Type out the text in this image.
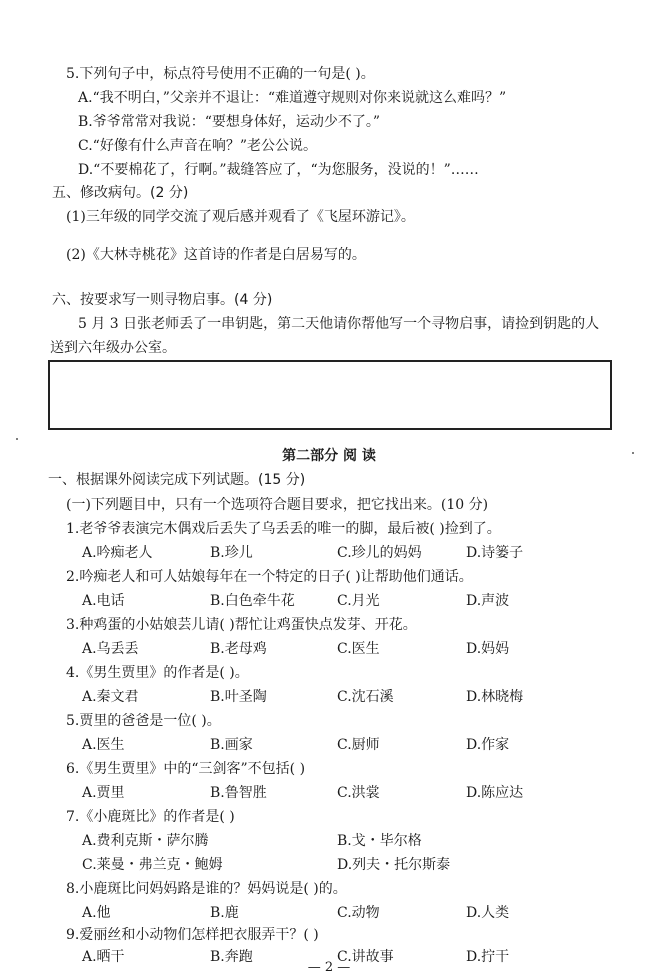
5.下列句子中，标点符号使用不正确的一句是( )。
A.“我不明白，”父亲并不退让：“难道遵守规则对你来说就这么难吗？”
B.爷爷常常对我说：“要想身体好，运动少不了。”
C.“好像有什么声音在响？”老公公说。
D.“不要棉花了，行啊。”裁缝答应了，“为您服务，没说的！”……
五、修改病句。(2 分)
(1)三年级的同学交流了观后感并观看了《飞屋环游记》。
(2)《大林寺桃花》这首诗的作者是白居易写的。
六、按要求写一则寻物启事。(4 分)
5 月 3 日张老师丢了一串钥匙，第二天他请你帮他写一个寻物启事，请捡到钥匙的人
送到六年级办公室。
第二部分 阅 读
一、根据课外阅读完成下列试题。(15 分)
(一)下列题目中，只有一个选项符合题目要求，把它找出来。(10 分)
1.老爷爷表演完木偶戏后丢失了乌丢丢的唯一的脚，最后被( )捡到了。
A.吟痴老人	B.珍儿	C.珍儿的妈妈	D.诗篓子
2.吟痴老人和可人姑娘每年在一个特定的日子( )让帮助他们通话。
A.电话	B.白色牵牛花	C.月光	D.声波
3.种鸡蛋的小姑娘芸儿请( )帮忙让鸡蛋快点发芽、开花。
A.乌丢丢	B.老母鸡	C.医生	D.妈妈
4.《男生贾里》的作者是( )。
A.秦文君	B.叶圣陶	C.沈石溪	D.林晓梅
5.贾里的爸爸是一位( )。
A.医生	B.画家	C.厨师	D.作家
6.《男生贾里》中的“三剑客”不包括( )
A.贾里	B.鲁智胜	C.洪裳	D.陈应达
7.《小鹿斑比》的作者是( )
A.费利克斯・萨尔腾	B.戈・毕尔格
C.莱曼・弗兰克・鲍姆	D.列夫・托尔斯泰
8.小鹿斑比问妈妈路是谁的？妈妈说是( )的。
A.他	B.鹿	C.动物	D.人类
9.爱丽丝和小动物们怎样把衣服弄干？( )
A.晒干	B.奔跑	C.讲故事	D.拧干
— 2 —
